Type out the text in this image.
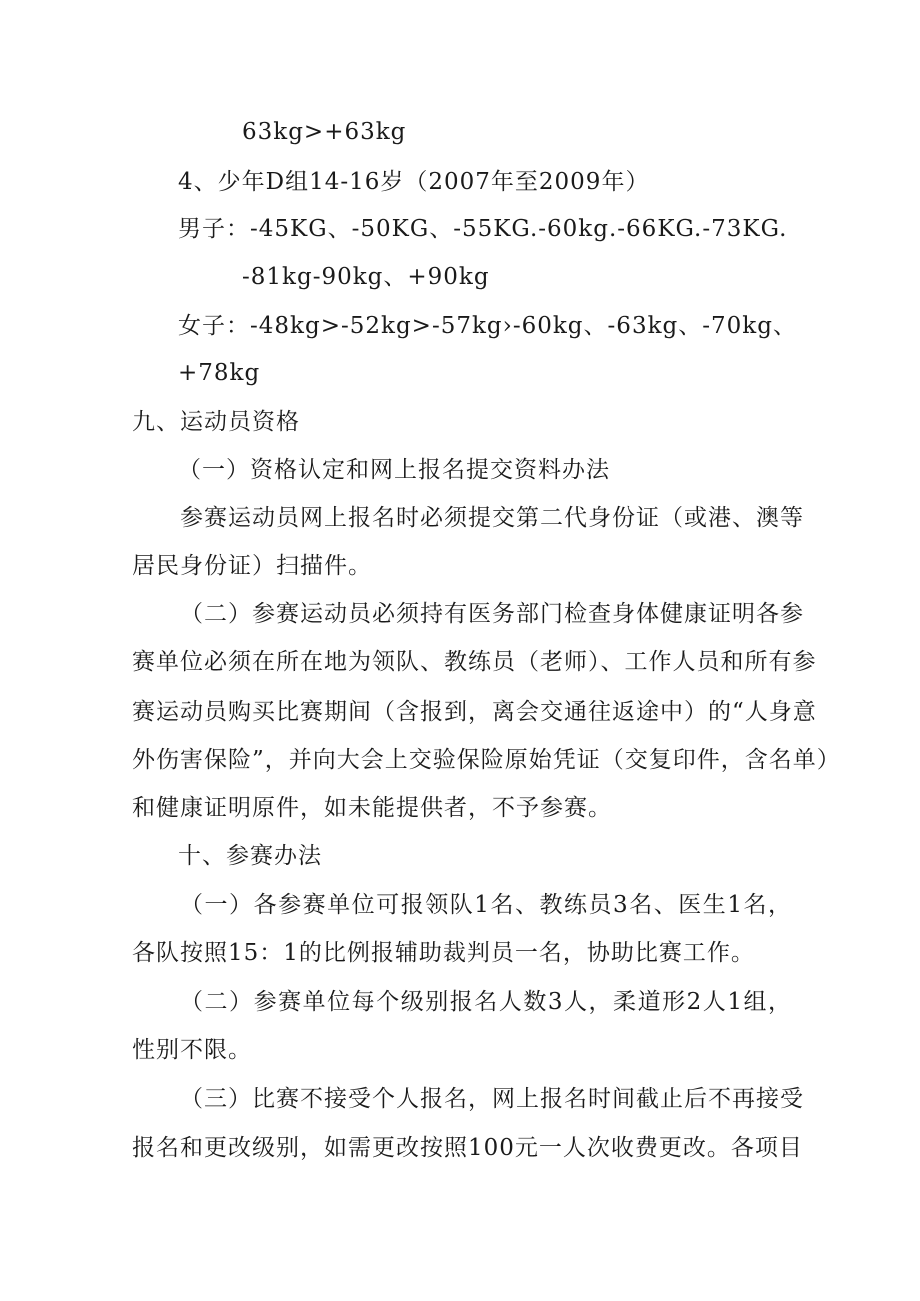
63kg>+63kg
4、少年D组14-16岁（2007年至2009年）
男子：-45KG、-50KG、-55KG.-60kg.-66KG.-73KG.
-81kg-90kg、+90kg
女子：-48kg>-52kg>-57kg›-60kg、-63kg、-70kg、
+78kg
九、运动员资格
（一）资格认定和网上报名提交资料办法
参赛运动员网上报名时必须提交第二代身份证（或港、澳等
居民身份证）扫描件。
（二）参赛运动员必须持有医务部门检查身体健康证明各参
赛单位必须在所在地为领队、教练员（老师）、工作人员和所有参
赛运动员购买比赛期间（含报到，离会交通往返途中）的“人身意
外伤害保险”，并向大会上交验保险原始凭证（交复印件，含名单）
和健康证明原件，如未能提供者，不予参赛。
十、参赛办法
（一）各参赛单位可报领队1名、教练员3名、医生1名，
各队按照15：1的比例报辅助裁判员一名，协助比赛工作。
（二）参赛单位每个级别报名人数3人，柔道形2人1组，
性别不限。
（三）比赛不接受个人报名，网上报名时间截止后不再接受
报名和更改级别，如需更改按照100元一人次收费更改。各项目
